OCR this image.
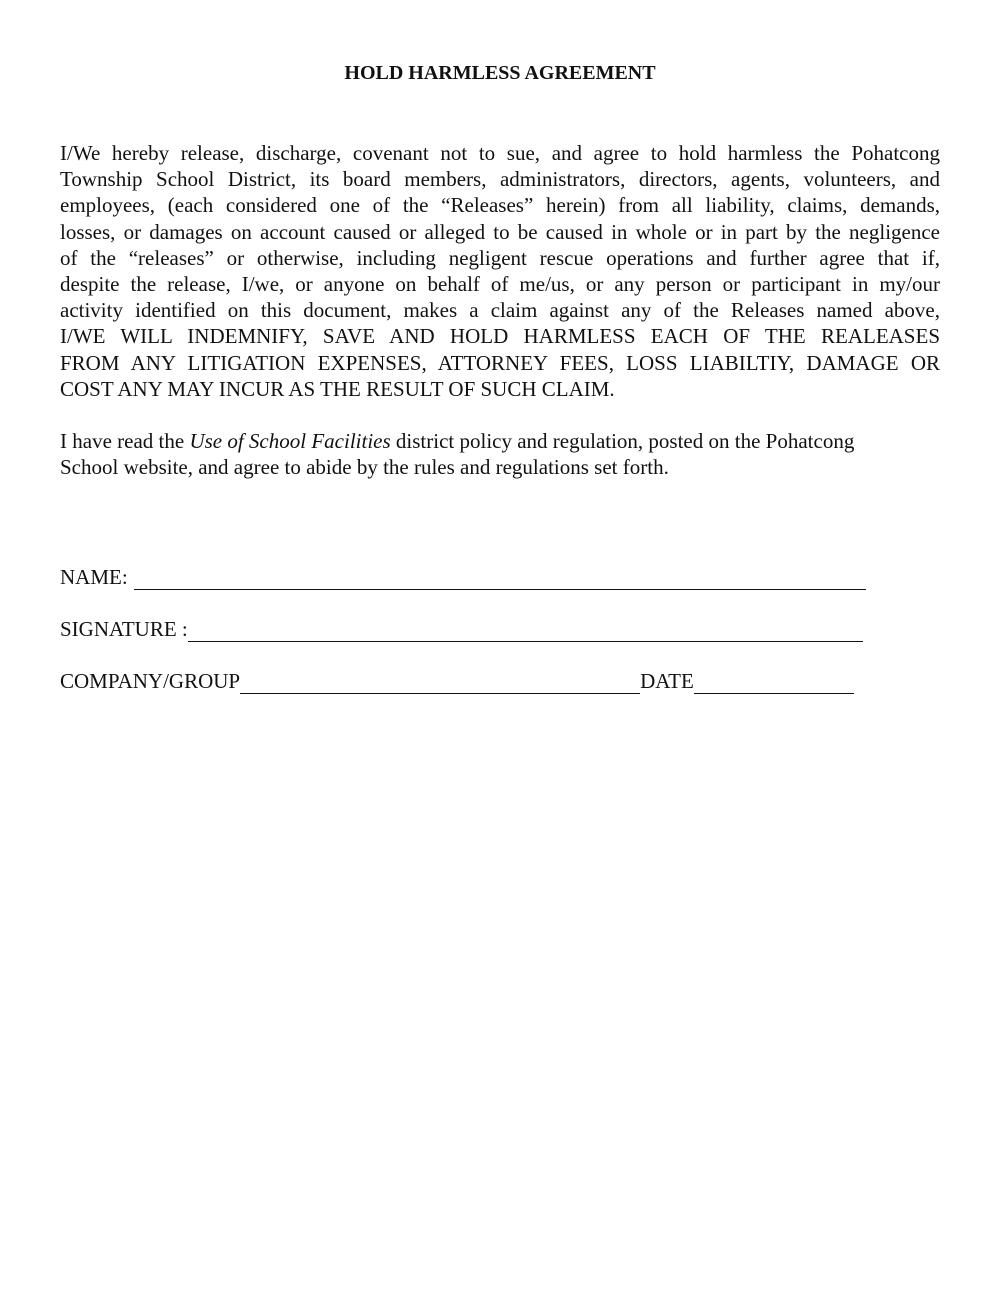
HOLD HARMLESS AGREEMENT
I/We hereby release, discharge, covenant not to sue, and agree to hold harmless the Pohatcong
Township School District, its board members, administrators, directors, agents, volunteers, and
employees, (each considered one of the “Releases” herein) from all liability, claims, demands,
losses, or damages on account caused or alleged to be caused in whole or in part by the negligence
of the “releases” or otherwise, including negligent rescue operations and further agree that if,
despite the release, I/we, or anyone on behalf of me/us, or any person or participant in my/our
activity identified on this document, makes a claim against any of the Releases named above,
I/WE WILL INDEMNIFY, SAVE AND HOLD HARMLESS EACH OF THE REALEASES
FROM ANY LITIGATION EXPENSES, ATTORNEY FEES, LOSS LIABILTIY, DAMAGE OR
COST ANY MAY INCUR AS THE RESULT OF SUCH CLAIM.
I have read the Use of School Facilities district policy and regulation, posted on the Pohatcong
School website, and agree to abide by the rules and regulations set forth.
NAME:
SIGNATURE :
COMPANY/GROUP	DATE
